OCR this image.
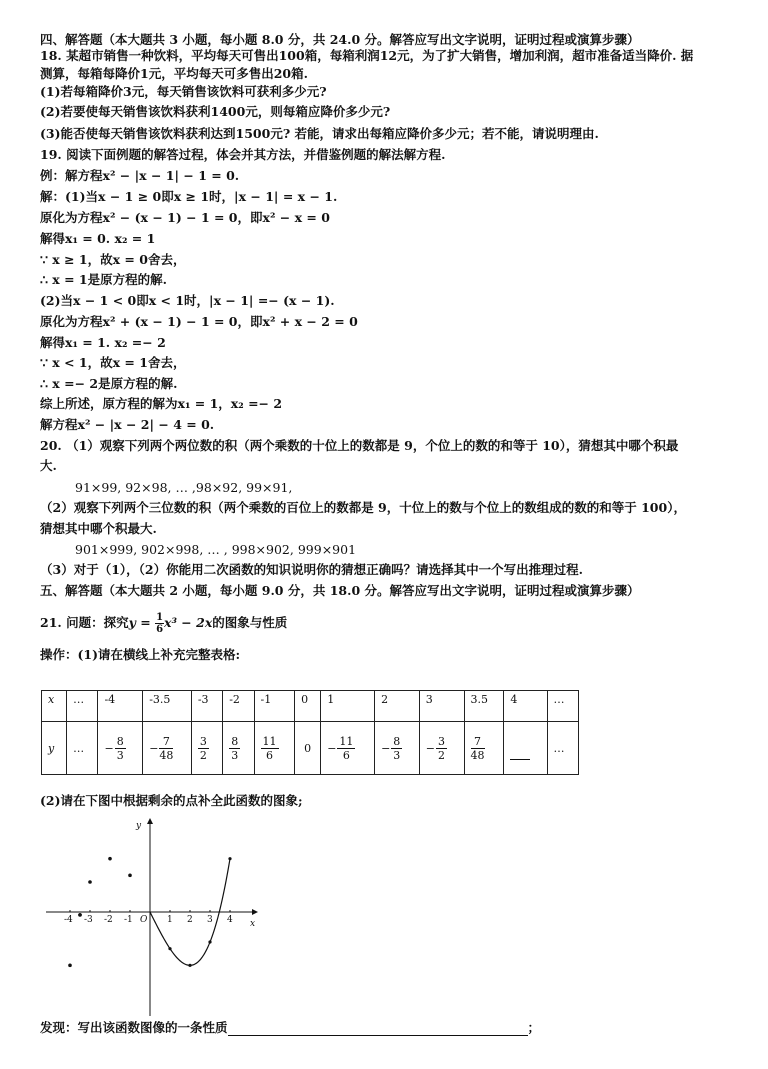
四、解答题（本大题共 3 小题，每小题 8.0 分，共 24.0 分。解答应写出文字说明，证明过程或演算步骤）
18. 某超市销售一种饮料，平均每天可售出100箱，每箱利润12元，为了扩大销售，增加利润，超市准备适当降价. 据
测算，每箱每降价1元，平均每天可多售出20箱.
(1)若每箱降价3元，每天销售该饮料可获利多少元?
(2)若要使每天销售该饮料获利1400元，则每箱应降价多少元?
(3)能否使每天销售该饮料获利达到1500元? 若能，请求出每箱应降价多少元；若不能，请说明理由.
19. 阅读下面例题的解答过程，体会并其方法，并借鉴例题的解法解方程.
例：解方程x² − |x − 1| − 1 = 0.
解：(1)当x − 1 ≥ 0即x ≥ 1时，|x − 1| = x − 1.
原化为方程x² − (x − 1) − 1 = 0，即x² − x = 0
解得x₁ = 0. x₂ = 1
∵ x ≥ 1，故x = 0舍去，
∴ x = 1是原方程的解.
(2)当x − 1 < 0即x < 1时，|x − 1| =− (x − 1).
原化为方程x² + (x − 1) − 1 = 0，即x² + x − 2 = 0
解得x₁ = 1. x₂ =− 2
∵ x < 1，故x = 1舍去，
∴ x =− 2是原方程的解.
综上所述，原方程的解为x₁ = 1，x₂ =− 2
解方程x² − |x − 2| − 4 = 0.
20. （1）观察下列两个两位数的积（两个乘数的十位上的数都是 9，个位上的数的和等于 10），猜想其中哪个积最
大.
91×99, 92×98, … ,98×92, 99×91,
（2）观察下列两个三位数的积（两个乘数的百位上的数都是 9，十位上的数与个位上的数组成的数的和等于 100），
猜想其中哪个积最大.
901×999, 902×998, … , 998×902, 999×901
（3）对于（1），（2）你能用二次函数的知识说明你的猜想正确吗？请选择其中一个写出推理过程.
五、解答题（本大题共 2 小题，每小题 9.0 分，共 18.0 分。解答应写出文字说明，证明过程或演算步骤）
21. 问题：探究$y = \frac{1}{6} x^3 - 2x$的图象与性质
操作：(1)请在横线上补充完整表格:
x	…	-4	-3.5	-3	-2	-1	0	1	2	3	3.5	4	…
y	…	− $\frac{8}{3}$	− $\frac{7}{48}$	$\frac{3}{2}$	$\frac{8}{3}$	$\frac{11}{6}$	0	− $\frac{11}{6}$	− $\frac{8}{3}$	− $\frac{3}{2}$	$\frac{7}{48}$		…
(2)请在下图中根据剩余的点补全此函数的图象;
x
y
O
-4 -3 -2 -1	1 2 3 4
发现：写出该函数图像的一条性质	；
